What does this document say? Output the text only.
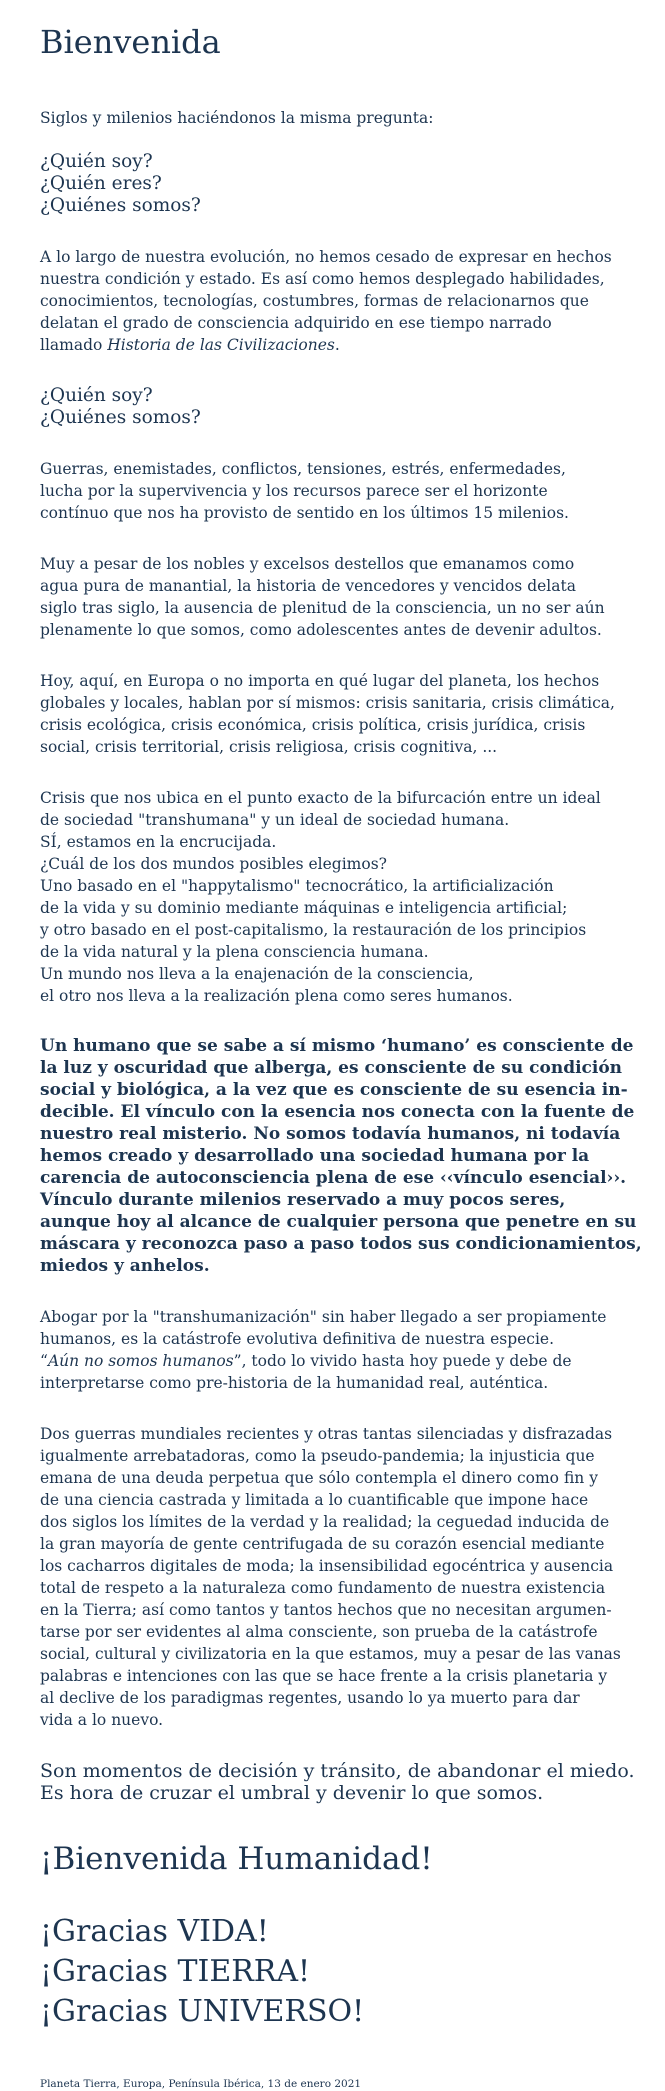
Bienvenida

Siglos y milenios haciéndonos la misma pregunta:

¿Quién soy?
¿Quién eres?
¿Quiénes somos?
A lo largo de nuestra evolución, no hemos cesado de expresar en hechos
nuestra condición y estado. Es así como hemos desplegado habilidades,
conocimientos, tecnologías, costumbres, formas de relacionarnos que
delatan el grado de consciencia adquirido en ese tiempo narrado
llamado Historia de las Civilizaciones.
¿Quién soy?
¿Quiénes somos?
Guerras, enemistades, conflictos, tensiones, estrés, enfermedades,
lucha por la supervivencia y los recursos parece ser el horizonte
contínuo que nos ha provisto de sentido en los últimos 15 milenios.
Muy a pesar de los nobles y excelsos destellos que emanamos como
agua pura de manantial, la historia de vencedores y vencidos delata
siglo tras siglo, la ausencia de plenitud de la consciencia, un no ser aún
plenamente lo que somos, como adolescentes antes de devenir adultos.
Hoy, aquí, en Europa o no importa en qué lugar del planeta, los hechos
globales y locales, hablan por sí mismos: crisis sanitaria, crisis climática,
crisis ecológica, crisis económica, crisis política, crisis jurídica, crisis
social, crisis territorial, crisis religiosa, crisis cognitiva, ...
Crisis que nos ubica en el punto exacto de la bifurcación entre un ideal
de sociedad "transhumana" y un ideal de sociedad humana.
SÍ, estamos en la encrucijada.
¿Cuál de los dos mundos posibles elegimos?
Uno basado en el "happytalismo" tecnocrático, la artificialización
de la vida y su dominio mediante máquinas e inteligencia artificial;
y otro basado en el post-capitalismo, la restauración de los principios
de la vida natural y la plena consciencia humana.
Un mundo nos lleva a la enajenación de la consciencia,
el otro nos lleva a la realización plena como seres humanos.
Un humano que se sabe a sí mismo ‘humano’ es consciente de
la luz y oscuridad que alberga, es consciente de su condición
social y biológica, a la vez que es consciente de su esencia in-
decible. El vínculo con la esencia nos conecta con la fuente de
nuestro real misterio. No somos todavía humanos, ni todavía
hemos creado y desarrollado una sociedad humana por la
carencia de autoconsciencia plena de ese ‹‹vínculo esencial››.
Vínculo durante milenios reservado a muy pocos seres,
aunque hoy al alcance de cualquier persona que penetre en su
máscara y reconozca paso a paso todos sus condicionamientos,
miedos y anhelos.
Abogar por la "transhumanización" sin haber llegado a ser propiamente
humanos, es la catástrofe evolutiva definitiva de nuestra especie.
“Aún no somos humanos”, todo lo vivido hasta hoy puede y debe de
interpretarse como pre-historia de la humanidad real, auténtica.
Dos guerras mundiales recientes y otras tantas silenciadas y disfrazadas
igualmente arrebatadoras, como la pseudo-pandemia; la injusticia que
emana de una deuda perpetua que sólo contempla el dinero como fin y
de una ciencia castrada y limitada a lo cuantificable que impone hace
dos siglos los límites de la verdad y la realidad; la ceguedad inducida de
la gran mayoría de gente centrifugada de su corazón esencial mediante
los cacharros digitales de moda; la insensibilidad egocéntrica y ausencia
total de respeto a la naturaleza como fundamento de nuestra existencia
en la Tierra; así como tantos y tantos hechos que no necesitan argumen-
tarse por ser evidentes al alma consciente, son prueba de la catástrofe
social, cultural y civilizatoria en la que estamos, muy a pesar de las vanas
palabras e intenciones con las que se hace frente a la crisis planetaria y
al declive de los paradigmas regentes, usando lo ya muerto para dar
vida a lo nuevo.
Son momentos de decisión y tránsito, de abandonar el miedo.
Es hora de cruzar el umbral y devenir lo que somos.
¡Bienvenida Humanidad!
¡Gracias VIDA!
¡Gracias TIERRA!
¡Gracias UNIVERSO!
Planeta Tierra, Europa, Península Ibérica, 13 de enero 2021
